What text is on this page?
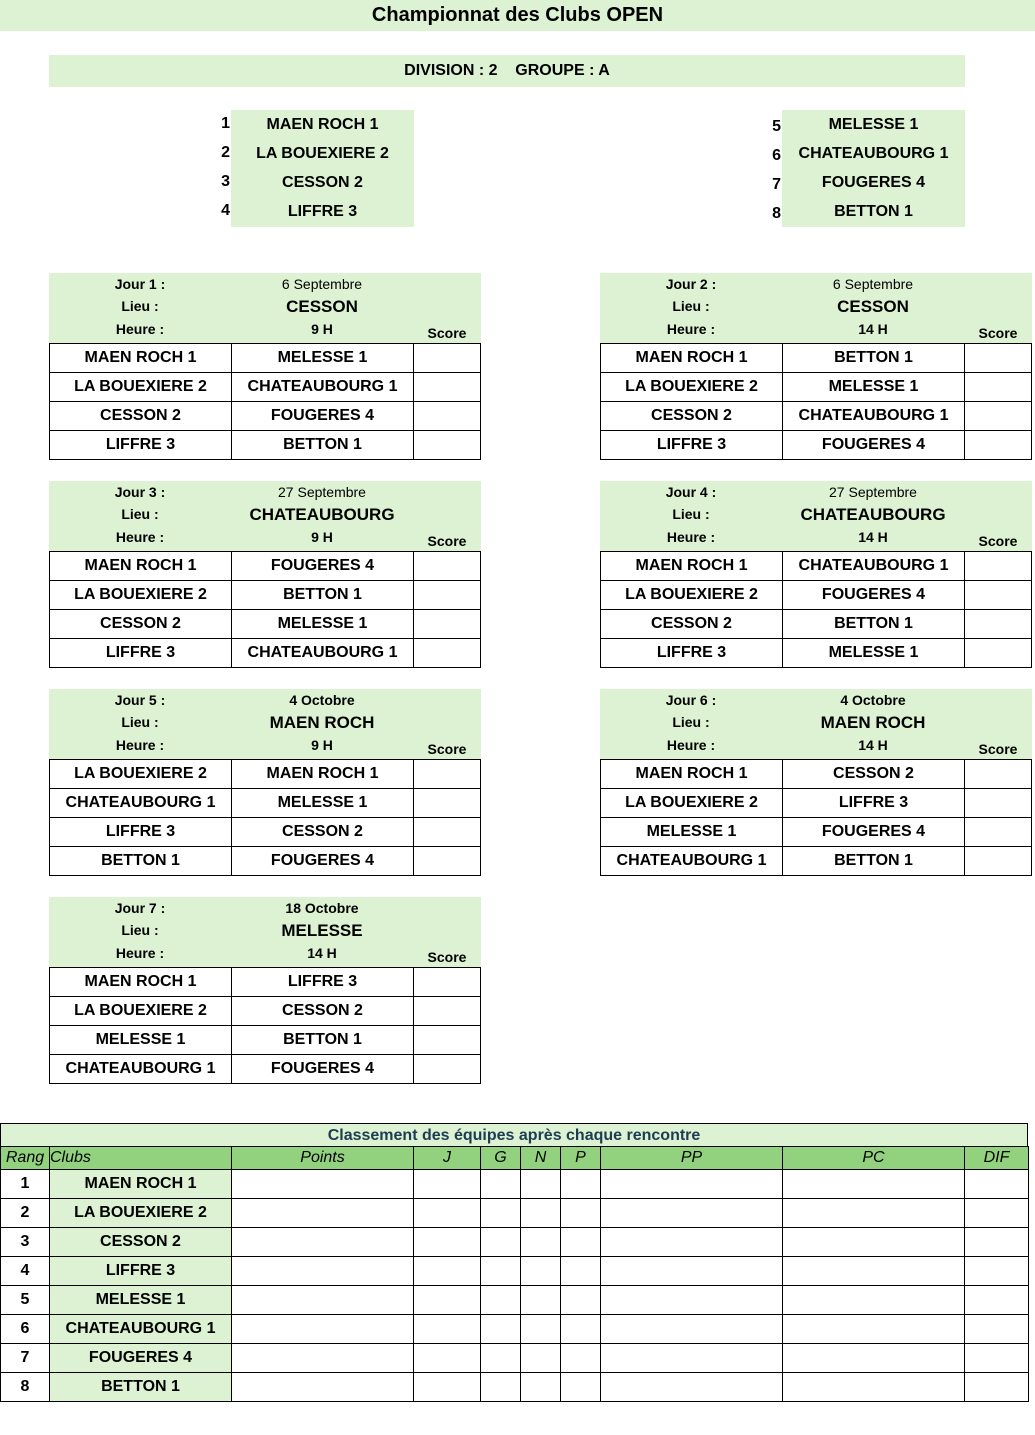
Championnat des Clubs OPEN
DIVISION : 2    GROUPE : A
1	MAEN ROCH 1
2	LA BOUEXIERE 2
3	CESSON 2
4	LIFFRE 3
5	MELESSE 1
6	CHATEAUBOURG 1
7	FOUGERES 4
8	BETTON 1
Jour 1 :	6 Septembre
Lieu :	CESSON
Heure :	9 H	Score
MAEN ROCH 1	MELESSE 1	
LA BOUEXIERE 2	CHATEAUBOURG 1	
CESSON 2	FOUGERES 4	
LIFFRE 3	BETTON 1	
Jour 2 :	6 Septembre
Lieu :	CESSON
Heure :	14 H	Score
MAEN ROCH 1	BETTON 1	
LA BOUEXIERE 2	MELESSE 1	
CESSON 2	CHATEAUBOURG 1	
LIFFRE 3	FOUGERES 4	
Jour 3 :	27 Septembre
Lieu :	CHATEAUBOURG
Heure :	9 H	Score
MAEN ROCH 1	FOUGERES 4	
LA BOUEXIERE 2	BETTON 1	
CESSON 2	MELESSE 1	
LIFFRE 3	CHATEAUBOURG 1	
Jour 4 :	27 Septembre
Lieu :	CHATEAUBOURG
Heure :	14 H	Score
MAEN ROCH 1	CHATEAUBOURG 1	
LA BOUEXIERE 2	FOUGERES 4	
CESSON 2	BETTON 1	
LIFFRE 3	MELESSE 1	
Jour 5 :	4 Octobre
Lieu :	MAEN ROCH
Heure :	9 H	Score
LA BOUEXIERE 2	MAEN ROCH 1	
CHATEAUBOURG 1	MELESSE 1	
LIFFRE 3	CESSON 2	
BETTON 1	FOUGERES 4	
Jour 6 :	4 Octobre
Lieu :	MAEN ROCH
Heure :	14 H	Score
MAEN ROCH 1	CESSON 2	
LA BOUEXIERE 2	LIFFRE 3	
MELESSE 1	FOUGERES 4	
CHATEAUBOURG 1	BETTON 1	
Jour 7 :	18 Octobre
Lieu :	MELESSE
Heure :	14 H	Score
MAEN ROCH 1	LIFFRE 3	
LA BOUEXIERE 2	CESSON 2	
MELESSE 1	BETTON 1	
CHATEAUBOURG 1	FOUGERES 4	
Classement des équipes après chaque rencontre
Rang	Clubs	Points	J	G	N	P	PP	PC	DIF
1	MAEN ROCH 1								
2	LA BOUEXIERE 2								
3	CESSON 2								
4	LIFFRE 3								
5	MELESSE 1								
6	CHATEAUBOURG 1								
7	FOUGERES 4								
8	BETTON 1								
